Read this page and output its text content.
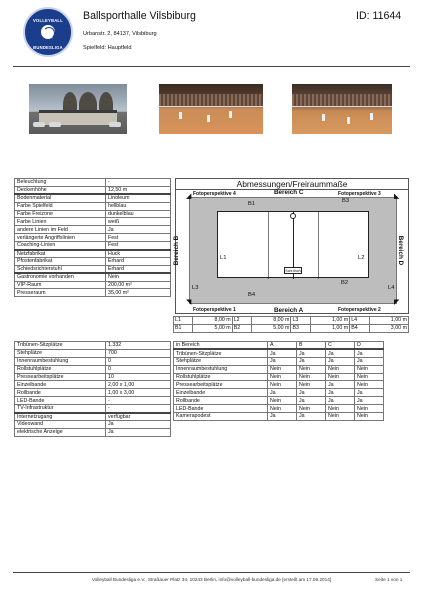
VOLLEYBALL
BUNDESLIGA
Ballsporthalle Vilsbiburg	ID: 11644
Urbanstr. 2, 84137, Vilsbiburg
Spielfeld: Hauptfeld
Beleuchtung	-
Deckenhöhe	12,50 m
Bodenmaterial	Linoleum
Farbe Spielfeld	hellblau
Farbe Freizone	dunkelblau
Farbe Linien	weiß
andere Linien im Feld	Ja
verlängerte Angriffslinien	Fest
Coaching-Linien	Fest
Netzfabrikat	Huck
Pfostenfabrikat	Erhard
Schiedsrichterstuhl	Erhard
Gastronomie vorhanden	Nein
VIP-Raum	200,00 m²
Presseraum	35,00 m²
Abmessungen/Freiraummaße
Schr.tisch
Bereich C
Bereich A
Bereich B	Bereich D
Fotoperspektive 4	Fotoperspektive 3
Fotoperspektive 1	Fotoperspektive 2
◢	◣
◥	◤
B1
B2
B3
B4
L1	L2
L3	L4
L1	8,00 m	L2	8,00 m	L3	1,00 m	L4	1,00 m
B1	5,00 m	B2	5,00 m	B3	1,00 m	B4	3,00 m
Tribünen-Sitzplätze	1.332
Stehplätze	700
Innenraumbestuhlung	0
Rollstuhlplätze	0
Pressearbeitsplätze	10
Einzelbande	2,00 x 1,00
Rollbande	1,00 x 3,00
LED-Bande	-
TV-Infrastruktur	-
Internetzugang	verfügbar
Videowand	Ja
elektrische Anzeige	Ja
in Bereich	A	B	C	D
Tribünen-Sitzplätze	Ja	Ja	Ja	Ja
Stehplätze	Ja	Ja	Ja	Ja
Innenraumbestuhlung	Nein	Nein	Nein	Nein
Rollstuhlplätze	Nein	Nein	Nein	Nein
Pressearbeitsplätze	Nein	Nein	Ja	Nein
Einzelbande	Ja	Ja	Ja	Ja
Rollbande	Nein	Ja	Ja	Ja
LED-Bande	Nein	Nein	Nein	Nein
Kamerapodest	Ja	Ja	Nein	Nein
Volleyball Bundesliga e.V., Straßauer Platz 34, 10243 Berlin, info@volleyball-bundesliga.de [erstellt am 17.09.2014]	Seite 1 von 1
